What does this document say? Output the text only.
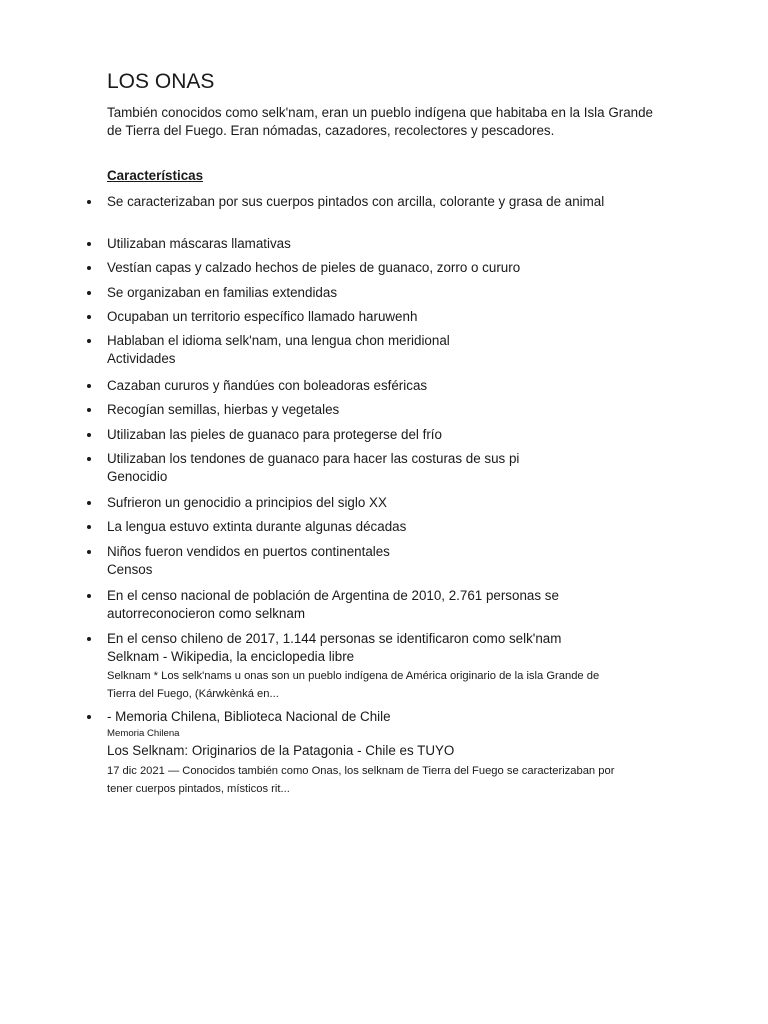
LOS ONAS

También conocidos como selk'nam, eran un pueblo indígena que habitaba en la Isla Grande de Tierra del Fuego. Eran nómadas, cazadores, recolectores y pescadores.

Características

Se caracterizaban por sus cuerpos pintados con arcilla, colorante y grasa de animal
Utilizaban máscaras llamativas
Vestían capas y calzado hechos de pieles de guanaco, zorro o cururo
Se organizaban en familias extendidas
Ocupaban un territorio específico llamado haruwenh
Hablaban el idioma selk'nam, una lengua chon meridional
Actividades
Cazaban cururos y ñandúes con boleadoras esféricas
Recogían semillas, hierbas y vegetales
Utilizaban las pieles de guanaco para protegerse del frío
Utilizaban los tendones de guanaco para hacer las costuras de sus pi
Genocidio
Sufrieron un genocidio a principios del siglo XX
La lengua estuvo extinta durante algunas décadas
Niños fueron vendidos en puertos continentales
Censos
En el censo nacional de población de Argentina de 2010, 2.761 personas se autorreconocieron como selknam
En el censo chileno de 2017, 1.144 personas se identificaron como selk'nam
Selknam - Wikipedia, la enciclopedia libre
Selknam * Los selk'nams u onas son un pueblo indígena de América originario de la isla Grande de Tierra del Fuego, (Kárwkènká en...
- Memoria Chilena, Biblioteca Nacional de Chile
Memoria Chilena
Los Selknam: Originarios de la Patagonia - Chile es TUYO
17 dic 2021 — Conocidos también como Onas, los selknam de Tierra del Fuego se caracterizaban por tener cuerpos pintados, místicos rit...
